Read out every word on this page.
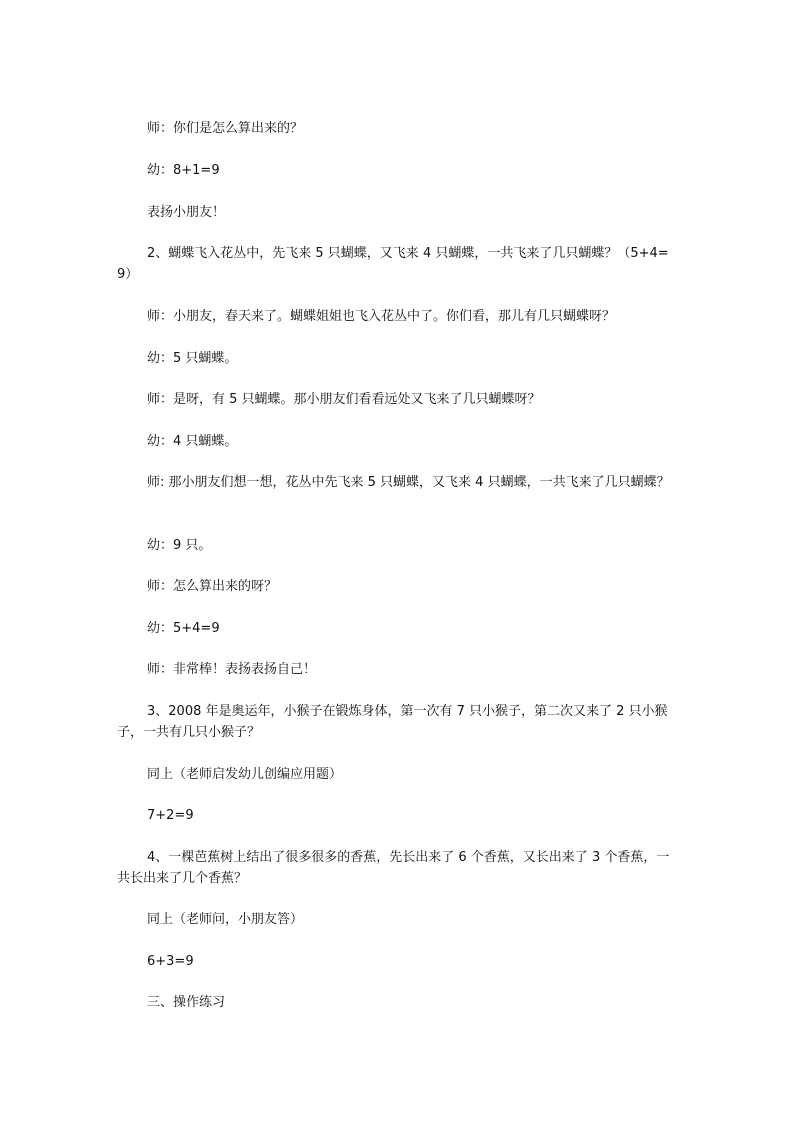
师：你们是怎么算出来的？

幼：8+1=9

表扬小朋友！

2、蝴蝶飞入花丛中，先飞来 5 只蝴蝶，又飞来 4 只蝴蝶，一共飞来了几只蝴蝶？（5+4=9）

师：小朋友，春天来了。蝴蝶姐姐也飞入花丛中了。你们看，那儿有几只蝴蝶呀？

幼：5 只蝴蝶。

师：是呀，有 5 只蝴蝶。那小朋友们看看远处又飞来了几只蝴蝶呀？

幼：4 只蝴蝶。

师: 那小朋友们想一想，花丛中先飞来 5 只蝴蝶，又飞来 4 只蝴蝶，一共飞来了几只蝴蝶？

幼：9 只。

师：怎么算出来的呀？

幼：5+4=9

师：非常棒！表扬表扬自己！

3、2008 年是奥运年，小猴子在锻炼身体，第一次有 7 只小猴子，第二次又来了 2 只小猴子，一共有几只小猴子？

同上（老师启发幼儿创编应用题）

7+2=9

4、一棵芭蕉树上结出了很多很多的香蕉，先长出来了 6 个香蕉，又长出来了 3 个香蕉，一共长出来了几个香蕉？

同上（老师问，小朋友答）

6+3=9

三、操作练习
